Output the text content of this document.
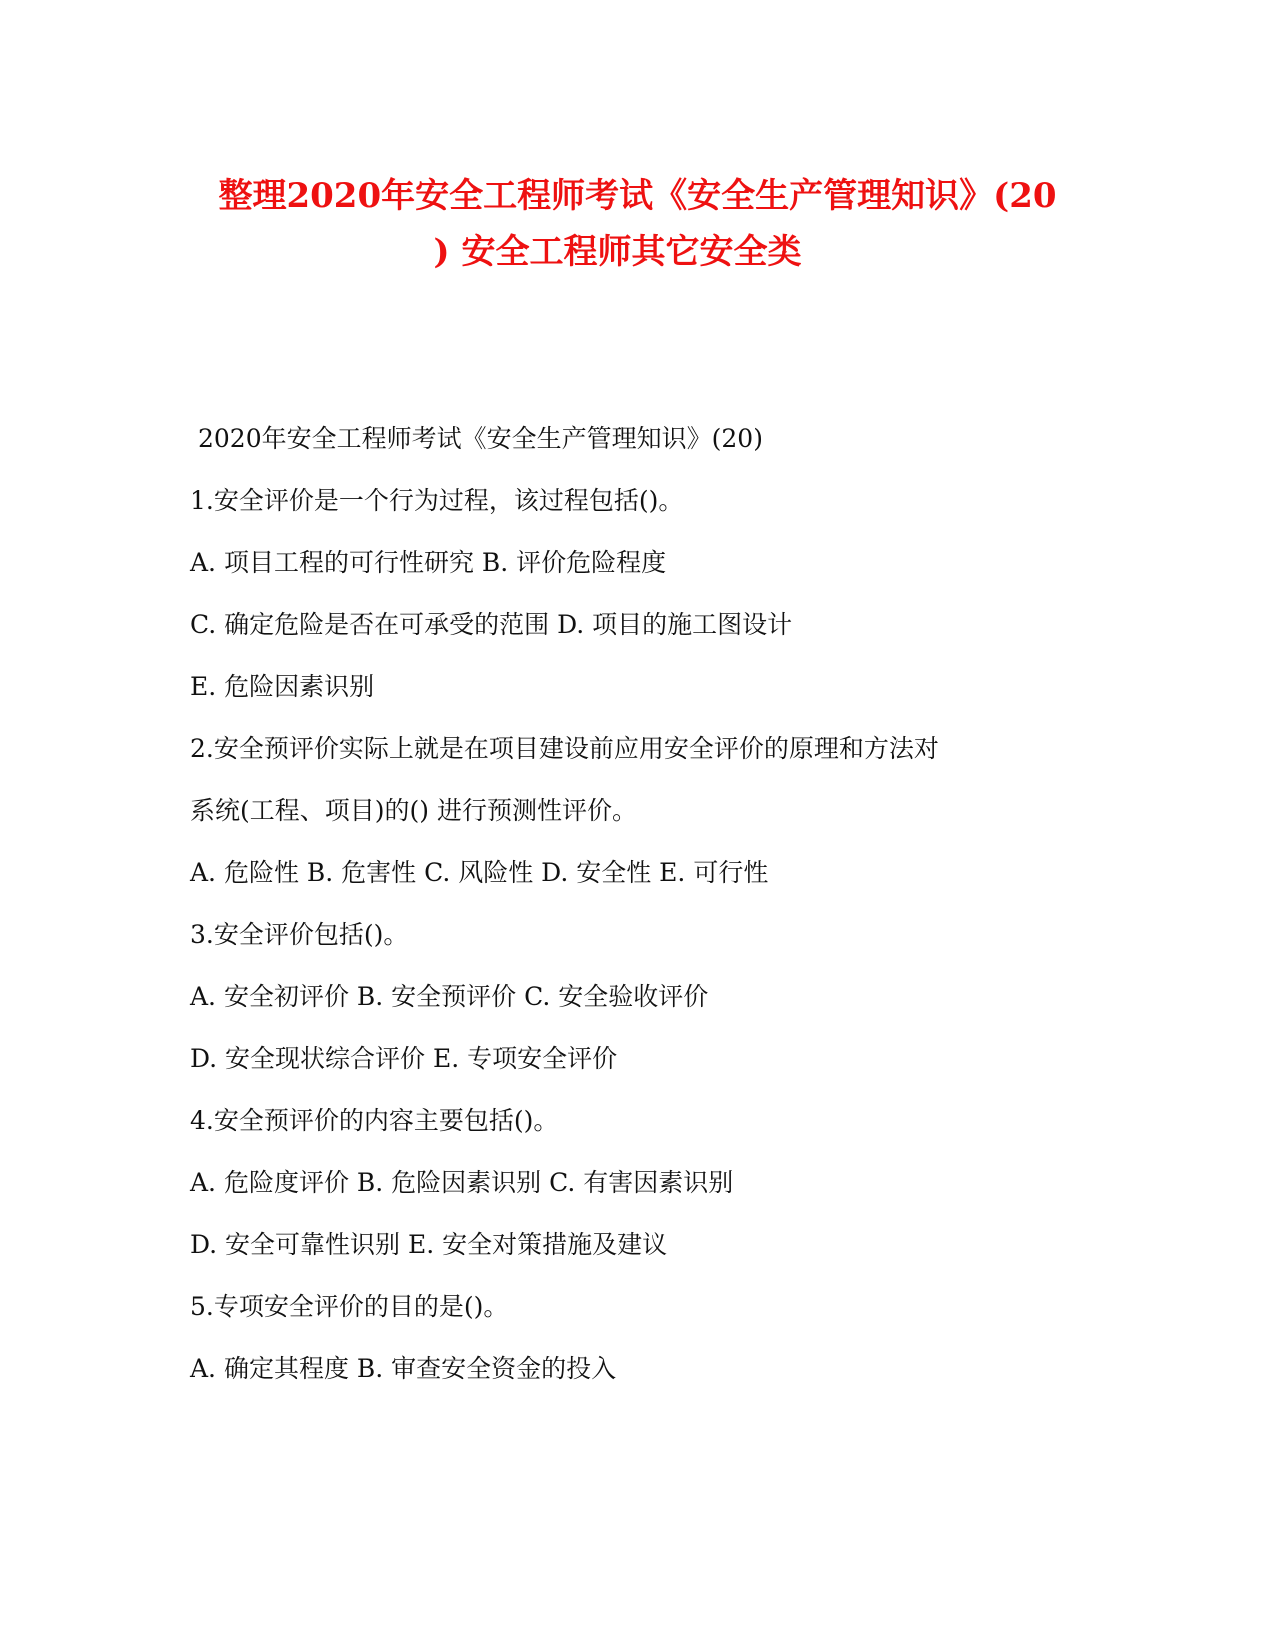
整理2020年安全工程师考试《安全生产管理知识》(20
) 安全工程师其它安全类

2020年安全工程师考试《安全生产管理知识》(20)

1.安全评价是一个行为过程，该过程包括()。

A. 项目工程的可行性研究 B. 评价危险程度

C. 确定危险是否在可承受的范围 D. 项目的施工图设计

E. 危险因素识别

2.安全预评价实际上就是在项目建设前应用安全评价的原理和方法对

系统(工程、项目)的() 进行预测性评价。

A. 危险性 B. 危害性 C. 风险性 D. 安全性 E. 可行性

3.安全评价包括()。

A. 安全初评价 B. 安全预评价 C. 安全验收评价

D. 安全现状综合评价 E. 专项安全评价

4.安全预评价的内容主要包括()。

A. 危险度评价 B. 危险因素识别 C. 有害因素识别

D. 安全可靠性识别 E. 安全对策措施及建议

5.专项安全评价的目的是()。

A. 确定其程度 B. 审查安全资金的投入
